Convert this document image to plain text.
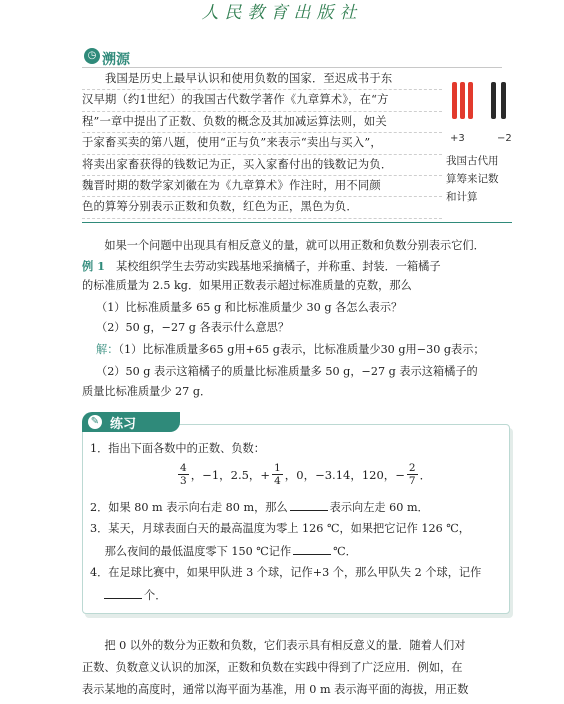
人民教育出版社
◷ 溯源
　　我国是历史上最早认识和使用负数的国家．至迟成书于东
汉早期（约1世纪）的我国古代数学著作《九章算术》，在“方
程”一章中提出了正数、负数的概念及其加减运算法则，如关
于家畜买卖的第八题，使用“正与负”来表示“卖出与买入”，
将卖出家畜获得的钱数记为正，买入家畜付出的钱数记为负．
魏晋时期的数学家刘徽在为《九章算术》作注时，用不同颜
色的算筹分别表示正数和负数，红色为正，黑色为负．
+3	−2
我国古代用
算筹来记数
和计算
　　如果一个问题中出现具有相反意义的量，就可以用正数和负数分别表示它们．
例 1　某校组织学生去劳动实践基地采摘橘子，并称重、封装．一箱橘子
的标准质量为 2.5 kg．如果用正数表示超过标准质量的克数，那么
（1）比标准质量多 65 g 和比标准质量少 30 g 各怎么表示？
（2）50 g，−27 g 各表示什么意思？
解：（1）比标准质量多65 g用+65 g表示，比标准质量少30 g用−30 g表示；
（2）50 g 表示这箱橘子的质量比标准质量多 50 g，−27 g 表示这箱橘子的
质量比标准质量少 27 g．
✎ 练习
1．指出下面各数中的正数、负数：
$\frac{4}{3}$ ，−1，2.5，+ $\frac{1}{4}$ ，0，−3.14，120，− $\frac{2}{7}$ ．
2．如果 80 m 表示向右走 80 m，那么	表示向左走 60 m．
3．某天，月球表面白天的最高温度为零上 126 ℃，如果把它记作 126 ℃，
　 那么夜间的最低温度零下 150 ℃记作	℃．
4．在足球比赛中，如果甲队进 3 个球，记作+3 个，那么甲队失 2 个球，记作
个．
　　把 0 以外的数分为正数和负数，它们表示具有相反意义的量．随着人们对
正数、负数意义认识的加深，正数和负数在实践中得到了广泛应用．例如，在
表示某地的高度时，通常以海平面为基准，用 0 m 表示海平面的海拔，用正数
